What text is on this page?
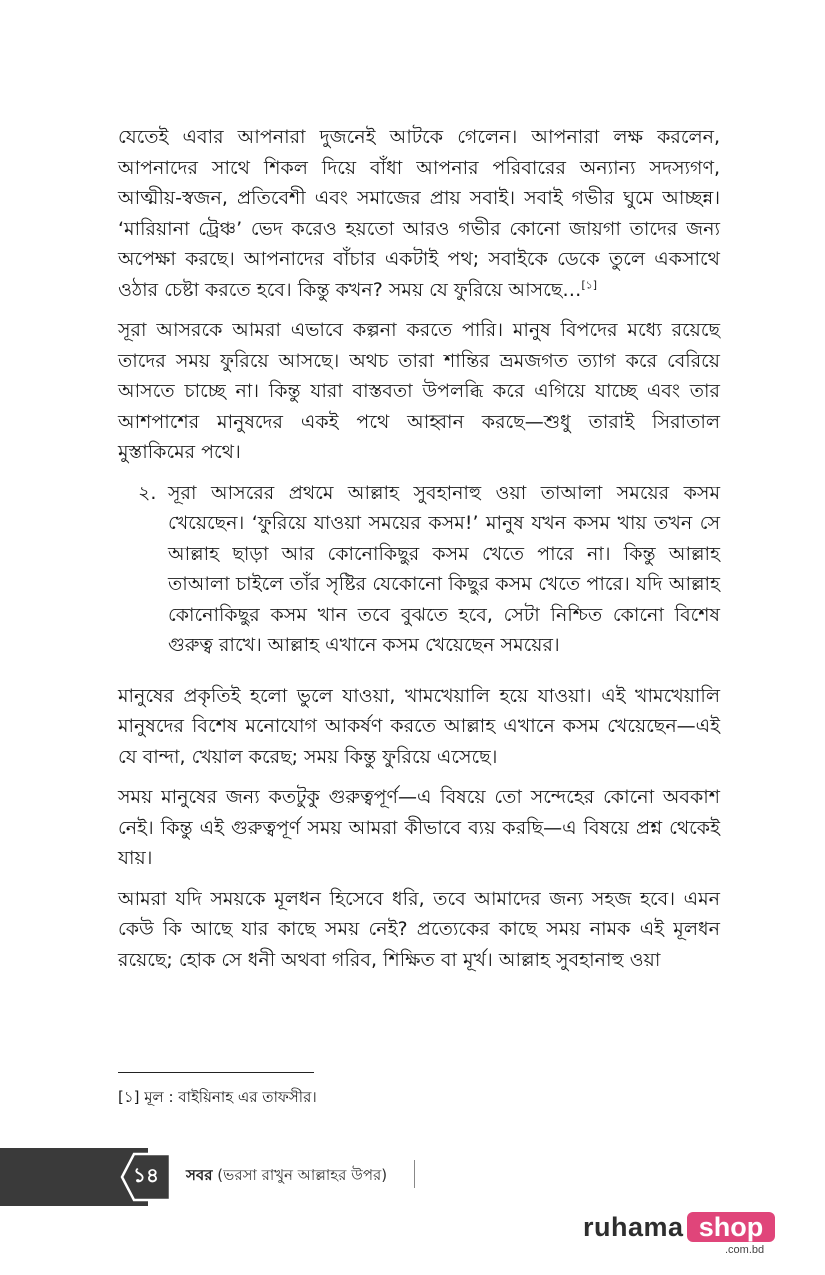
যেতেই এবার আপনারা দুজনেই আটকে গেলেন। আপনারা লক্ষ করলেন, আপনাদের সাথে শিকল দিয়ে বাঁধা আপনার পরিবারের অন্যান্য সদস্যগণ, আত্মীয়-স্বজন, প্রতিবেশী এবং সমাজের প্রায় সবাই। সবাই গভীর ঘুমে আচ্ছন্ন। ‘মারিয়ানা ট্রেঞ্চ’ ভেদ করেও হয়তো আরও গভীর কোনো জায়গা তাদের জন্য অপেক্ষা করছে। আপনাদের বাঁচার একটাই পথ; সবাইকে ডেকে তুলে একসাথে ওঠার চেষ্টা করতে হবে। কিন্তু কখন? সময় যে ফুরিয়ে আসছে…[১]

সূরা আসরকে আমরা এভাবে কল্পনা করতে পারি। মানুষ বিপদের মধ্যে রয়েছে তাদের সময় ফুরিয়ে আসছে। অথচ তারা শান্তির ভ্রমজগত ত্যাগ করে বেরিয়ে আসতে চাচ্ছে না। কিন্তু যারা বাস্তবতা উপলব্ধি করে এগিয়ে যাচ্ছে এবং তার আশপাশের মানুষদের একই পথে আহ্বান করছে—শুধু তারাই সিরাতাল মুস্তাকিমের পথে।

২. সূরা আসরের প্রথমে আল্লাহ সুবহানাহু ওয়া তাআলা সময়ের কসম খেয়েছেন। ‘ফুরিয়ে যাওয়া সময়ের কসম!’ মানুষ যখন কসম খায় তখন সে আল্লাহ ছাড়া আর কোনোকিছুর কসম খেতে পারে না। কিন্তু আল্লাহ তাআলা চাইলে তাঁর সৃষ্টির যেকোনো কিছুর কসম খেতে পারে। যদি আল্লাহ কোনোকিছুর কসম খান তবে বুঝতে হবে, সেটা নিশ্চিত কোনো বিশেষ গুরুত্ব রাখে। আল্লাহ এখানে কসম খেয়েছেন সময়ের।

মানুষের প্রকৃতিই হলো ভুলে যাওয়া, খামখেয়ালি হয়ে যাওয়া। এই খামখেয়ালি মানুষদের বিশেষ মনোযোগ আকর্ষণ করতে আল্লাহ এখানে কসম খেয়েছেন—এই যে বান্দা, খেয়াল করেছ; সময় কিন্তু ফুরিয়ে এসেছে।

সময় মানুষের জন্য কতটুকু গুরুত্বপূর্ণ—এ বিষয়ে তো সন্দেহের কোনো অবকাশ নেই। কিন্তু এই গুরুত্বপূর্ণ সময় আমরা কীভাবে ব্যয় করছি—এ বিষয়ে প্রশ্ন থেকেই যায়।

আমরা যদি সময়কে মূলধন হিসেবে ধরি, তবে আমাদের জন্য সহজ হবে। এমন কেউ কি আছে যার কাছে সময় নেই? প্রত্যেকের কাছে সময় নামক এই মূলধন রয়েছে; হোক সে ধনী অথবা গরিব, শিক্ষিত বা মূর্খ। আল্লাহ সুবহানাহু ওয়া

[১] মূল : বাইয়িনাহ এর তাফসীর।
১৪	সবর (ভরসা রাখুন আল্লাহর উপর)
ruhama shop
.com.bd
